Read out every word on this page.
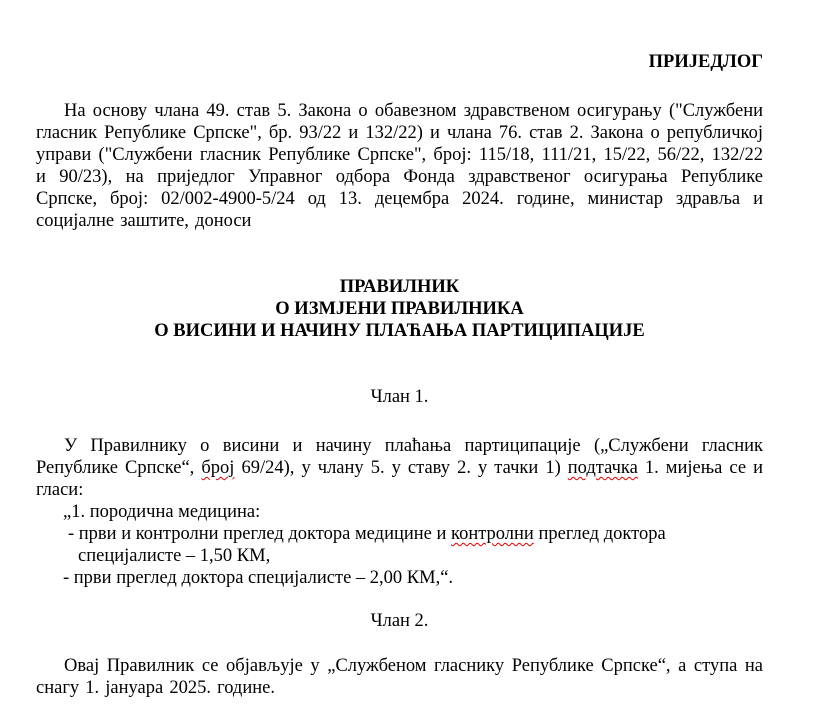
ПРИЈЕДЛОГ

На основу члана 49. став 5. Закона о обавезном здравственом осигурању ("Службени гласник Републике Српске", бр. 93/22 и 132/22) и члана 76. став 2. Закона о републичкој управи ("Службени гласник Републике Српске", број: 115/18, 111/21, 15/22, 56/22, 132/22 и 90/23), на приједлог Управног одбора Фонда здравственог осигурања Републике Српске, број: 02/002-4900-5/24 од 13. децембра 2024. године, министар здравља и социјалне заштите, доноси

ПРАВИЛНИК
О ИЗМЈЕНИ ПРАВИЛНИКА
О ВИСИНИ И НАЧИНУ ПЛАЋАЊА ПАРТИЦИПАЦИЈЕ

Члан 1.

У Правилнику о висини и начину плаћања партиципације („Службени гласник Републике Српске“, број 69/24), у члану 5. у ставу 2. у тачки 1) подтачка 1. мијења се и гласи:

„1. породична медицина:

- први и контролни преглед доктора медицине и контролни преглед доктора специјалисте – 1,50 КМ,

- први преглед доктора специјалисте – 2,00 КМ,“.

Члан 2.

Овај Правилник се објављује у „Службеном гласнику Републике Српске“, а ступа на снагу 1. јануара 2025. године.
